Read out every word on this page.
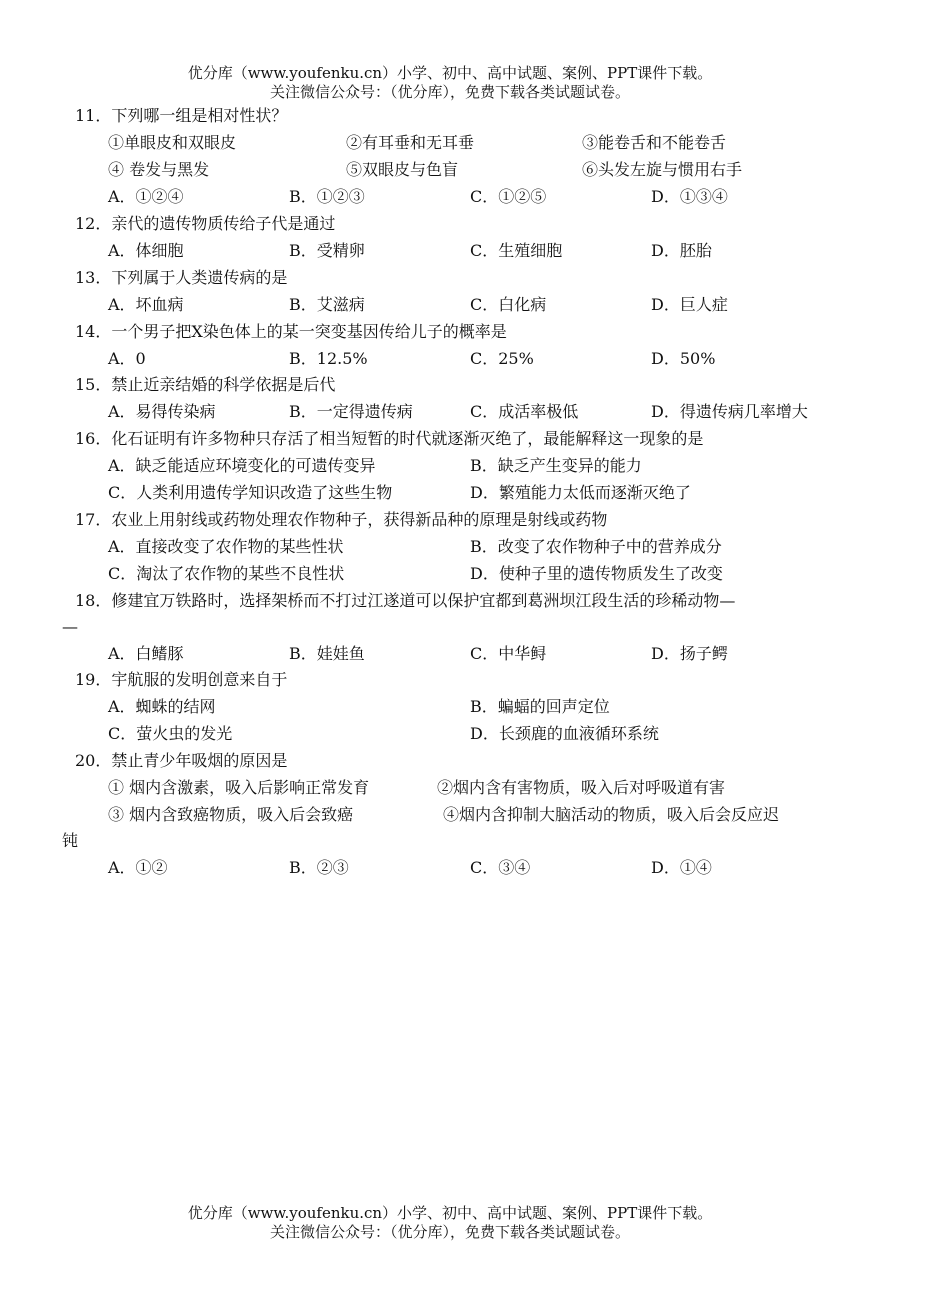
优分库（www.youfenku.cn）小学、初中、高中试题、案例、PPT课件下载。
关注微信公众号：（优分库），免费下载各类试题试卷。
11．下列哪一组是相对性状？
①单眼皮和双眼皮	②有耳垂和无耳垂	③能卷舌和不能卷舌
④ 卷发与黑发	⑤双眼皮与色盲	⑥头发左旋与惯用右手
A．①②④	B．①②③	C．①②⑤	D．①③④
12．亲代的遗传物质传给子代是通过
A．体细胞	B．受精卵	C．生殖细胞	D．胚胎
13．下列属于人类遗传病的是
A．坏血病	B．艾滋病	C．白化病	D．巨人症
14．一个男子把X染色体上的某一突变基因传给儿子的概率是
A．0	B．12.5%	C．25%	D．50%
15．禁止近亲结婚的科学依据是后代
A．易得传染病	B．一定得遗传病	C．成活率极低	D．得遗传病几率增大
16．化石证明有许多物种只存活了相当短暂的时代就逐渐灭绝了，最能解释这一现象的是
A．缺乏能适应环境变化的可遗传变异	B．缺乏产生变异的能力
C．人类利用遗传学知识改造了这些生物	D．繁殖能力太低而逐渐灭绝了
17．农业上用射线或药物处理农作物种子，获得新品种的原理是射线或药物
A．直接改变了农作物的某些性状	B．改变了农作物种子中的营养成分
C．淘汰了农作物的某些不良性状	D．使种子里的遗传物质发生了改变
18．修建宜万铁路时，选择架桥而不打过江遂道可以保护宜都到葛洲坝江段生活的珍稀动物—
—
A．白鳍豚	B．娃娃鱼	C．中华鲟	D．扬子鳄
19．宇航服的发明创意来自于
A．蜘蛛的结网	B．蝙蝠的回声定位
C．萤火虫的发光	D．长颈鹿的血液循环系统
20．禁止青少年吸烟的原因是
① 烟内含激素，吸入后影响正常发育	②烟内含有害物质，吸入后对呼吸道有害
③ 烟内含致癌物质，吸入后会致癌	④烟内含抑制大脑活动的物质，吸入后会反应迟
钝
A．①②	B．②③	C．③④	D．①④
优分库（www.youfenku.cn）小学、初中、高中试题、案例、PPT课件下载。
关注微信公众号：（优分库），免费下载各类试题试卷。
